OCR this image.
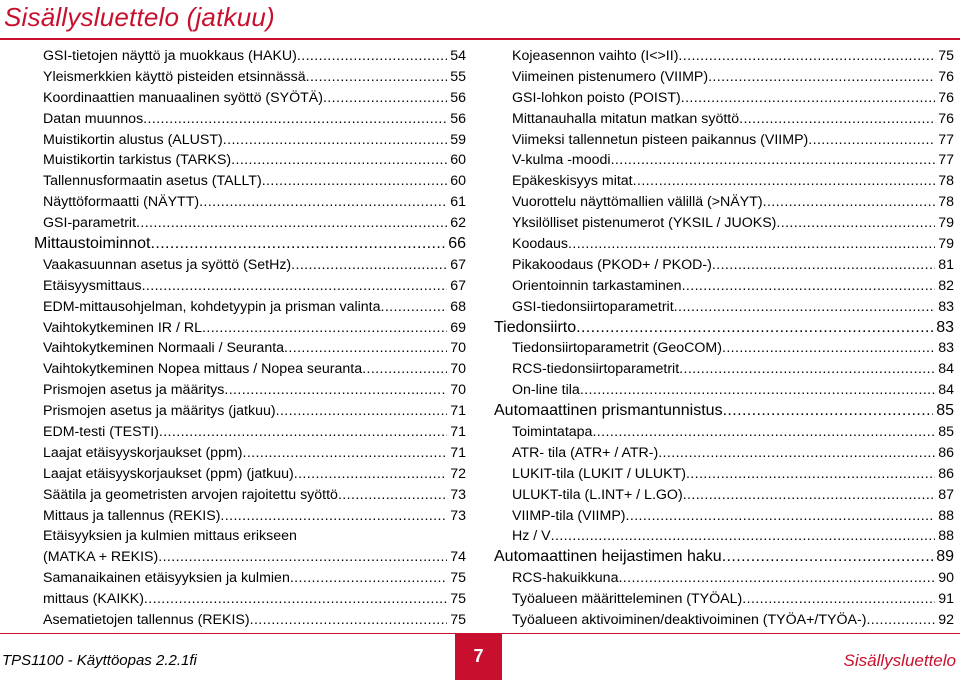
Sisällysluettelo (jatkuu)
GSI-tietojen näyttö ja muokkaus (HAKU) .....	54
Yleismerkkien käyttö pisteiden etsinnässä .....	55
Koordinaattien manuaalinen syöttö (SYÖTÄ) .....	56
Datan muunnos .....	56
Muistikortin alustus (ALUST) .....	59
Muistikortin tarkistus (TARKS) .....	60
Tallennusformaatin asetus (TALLT) .....	60
Näyttöformaatti (NÄYTT) .....	61
GSI-parametrit .....	62
Mittaustoiminnot .....	66
Vaakasuunnan asetus ja syöttö (SetHz) .....	67
Etäisyysmittaus .....	67
EDM-mittausohjelman, kohdetyypin ja prisman valinta .....	68
Vaihtokytkeminen IR / RL .....	69
Vaihtokytkeminen Normaali / Seuranta .....	70
Vaihtokytkeminen Nopea mittaus / Nopea seuranta .....	70
Prismojen asetus ja määritys .....	70
Prismojen asetus ja määritys (jatkuu) .....	71
EDM-testi (TESTI) .....	71
Laajat etäisyyskorjaukset (ppm) .....	71
Laajat etäisyyskorjaukset (ppm) (jatkuu) .....	72
Säätila ja geometristen arvojen rajoitettu syöttö .....	73
Mittaus ja tallennus (REKIS) .....	73
Etäisyyksien ja kulmien mittaus erikseen
(MATKA + REKIS) .....	74
Samanaikainen etäisyyksien ja kulmien .....	75
mittaus (KAIKK) .....	75
Asematietojen tallennus (REKIS) .....	75
Kojeasennon vaihto (I<>II) .....	75
Viimeinen pistenumero (VIIMP) .....	76
GSI-lohkon poisto (POIST) .....	76
Mittanauhalla mitatun matkan syöttö .....	76
Viimeksi tallennetun pisteen paikannus (VIIMP) .....	77
V-kulma -moodi .....	77
Epäkeskisyys mitat .....	78
Vuorottelu näyttömallien välillä (>NÄYT) .....	78
Yksilölliset pistenumerot (YKSIL / JUOKS) .....	79
Koodaus .....	79
Pikakoodaus (PKOD+ / PKOD-) .....	81
Orientoinnin tarkastaminen .....	82
GSI-tiedonsiirtoparametrit .....	83
Tiedonsiirto .....	83
Tiedonsiirtoparametrit (GeoCOM) .....	83
RCS-tiedonsiirtoparametrit .....	84
On-line tila .....	84
Automaattinen prismantunnistus .....	85
Toimintatapa .....	85
ATR- tila (ATR+ / ATR-) .....	86
LUKIT-tila (LUKIT / ULUKT) .....	86
ULUKT-tila (L.INT+ / L.GO) .....	87
VIIMP-tila (VIIMP) .....	88
Hz / V .....	88
Automaattinen heijastimen haku .....	89
RCS-hakuikkuna .....	90
Työalueen määritteleminen (TYÖAL) .....	91
Työalueen aktivoiminen/deaktivoiminen (TYÖA+/TYÖA-) .....	92
TPS1100 - Käyttöopas 2.2.1fi	7	Sisällysluettelo
